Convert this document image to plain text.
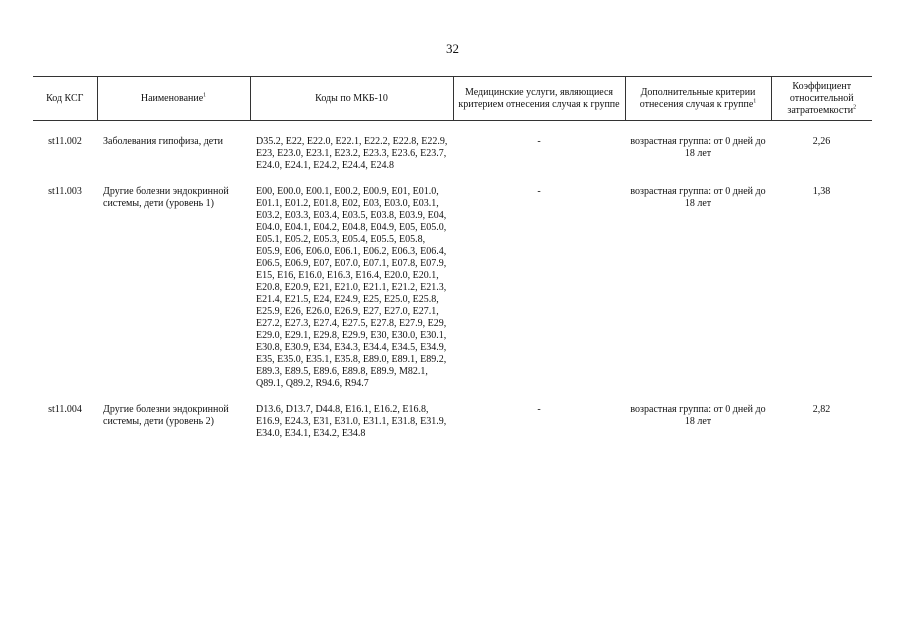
32
Код КСГ	Наименование$^1$	Коды по МКБ-10	Медицинские услуги, являющиеся критерием отнесения случая к группе	Дополнительные критерии отнесения случая к группе$^1$	Коэффициент относительной затратоемкости$^2$
st11.002	Заболевания гипофиза, дети	D35.2, E22, E22.0, E22.1, E22.2, E22.8, E22.9, E23, E23.0, E23.1, E23.2, E23.3, E23.6, E23.7, E24.0, E24.1, E24.2, E24.4, E24.8	-	возрастная группа: от 0 дней до 18 лет	2,26
st11.003	Другие болезни эндокринной системы, дети (уровень 1)	E00, E00.0, E00.1, E00.2, E00.9, E01, E01.0, E01.1, E01.2, E01.8, E02, E03, E03.0, E03.1, E03.2, E03.3, E03.4, E03.5, E03.8, E03.9, E04, E04.0, E04.1, E04.2, E04.8, E04.9, E05, E05.0, E05.1, E05.2, E05.3, E05.4, E05.5, E05.8, E05.9, E06, E06.0, E06.1, E06.2, E06.3, E06.4, E06.5, E06.9, E07, E07.0, E07.1, E07.8, E07.9, E15, E16, E16.0, E16.3, E16.4, E20.0, E20.1, E20.8, E20.9, E21, E21.0, E21.1, E21.2, E21.3, E21.4, E21.5, E24, E24.9, E25, E25.0, E25.8, E25.9, E26, E26.0, E26.9, E27, E27.0, E27.1, E27.2, E27.3, E27.4, E27.5, E27.8, E27.9, E29, E29.0, E29.1, E29.8, E29.9, E30, E30.0, E30.1, E30.8, E30.9, E34, E34.3, E34.4, E34.5, E34.9, E35, E35.0, E35.1, E35.8, E89.0, E89.1, E89.2, E89.3, E89.5, E89.6, E89.8, E89.9, M82.1, Q89.1, Q89.2, R94.6, R94.7	-	возрастная группа: от 0 дней до 18 лет	1,38
st11.004	Другие болезни эндокринной системы, дети (уровень 2)	D13.6, D13.7, D44.8, E16.1, E16.2, E16.8, E16.9, E24.3, E31, E31.0, E31.1, E31.8, E31.9, E34.0, E34.1, E34.2, E34.8	-	возрастная группа: от 0 дней до 18 лет	2,82
